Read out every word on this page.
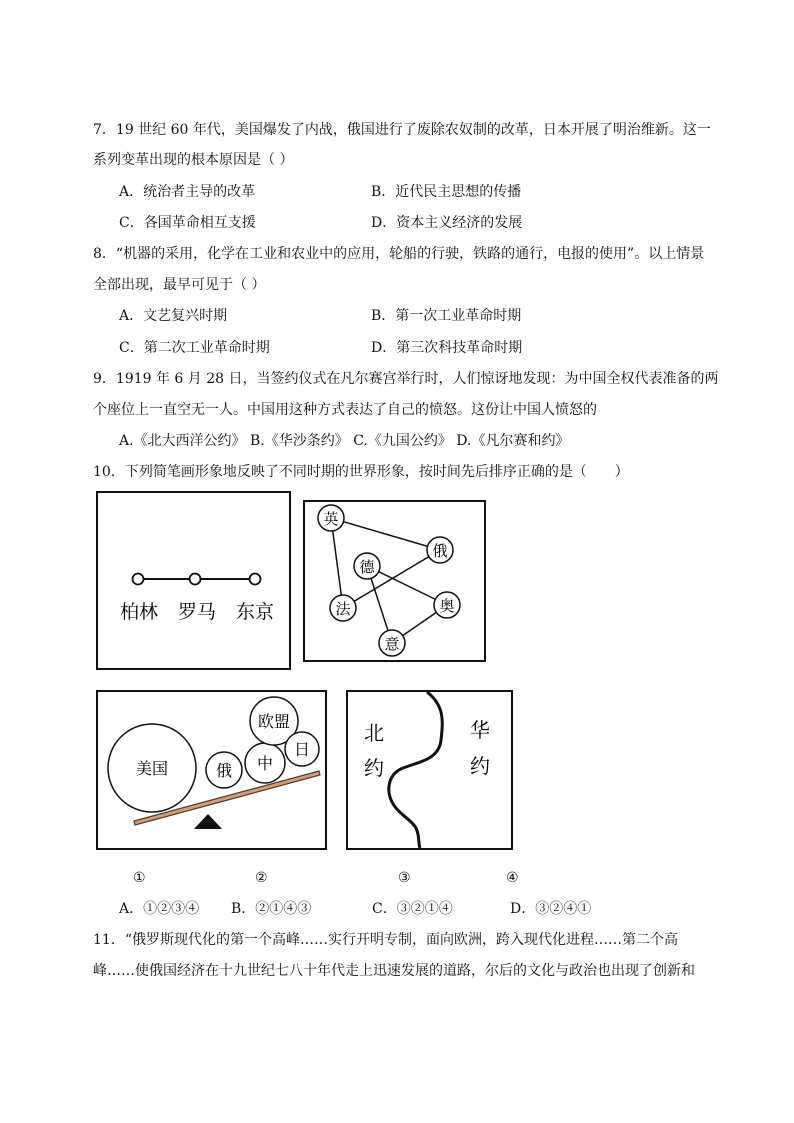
7．19 世纪 60 年代，美国爆发了内战，俄国进行了废除农奴制的改革，日本开展了明治维新。这一
系列变革出现的根本原因是（ ）
A．统治者主导的改革	B．近代民主思想的传播
C．各国革命相互支援	D．资本主义经济的发展
8．“机器的采用，化学在工业和农业中的应用，轮船的行驶，铁路的通行，电报的使用”。以上情景
全部出现，最早可见于（ ）
A．文艺复兴时期	B．第一次工业革命时期
C．第二次工业革命时期	D．第三次科技革命时期
9．1919 年 6 月 28 日，当签约仪式在凡尔赛宫举行时，人们惊讶地发现：为中国全权代表准备的两
个座位上一直空无一人。中国用这种方式表达了自己的愤怒。这份让中国人愤怒的
A.《北大西洋公约》 B.《华沙条约》 C.《九国公约》 D.《凡尔赛和约》
10．下列简笔画形象地反映了不同时期的世界形象，按时间先后排序正确的是（　　）
柏林 罗马 东京
英
俄
德
法	奥
意
美国	俄 中
欧盟
日
北
约
华
约
①	②	③	④
A．①②③④ B．②①④③	C．③②①④	D．③②④①
11．“俄罗斯现代化的第一个高峰……实行开明专制，面向欧洲，跨入现代化进程……第二个高
峰……使俄国经济在十九世纪七八十年代走上迅速发展的道路，尔后的文化与政治也出现了创新和
